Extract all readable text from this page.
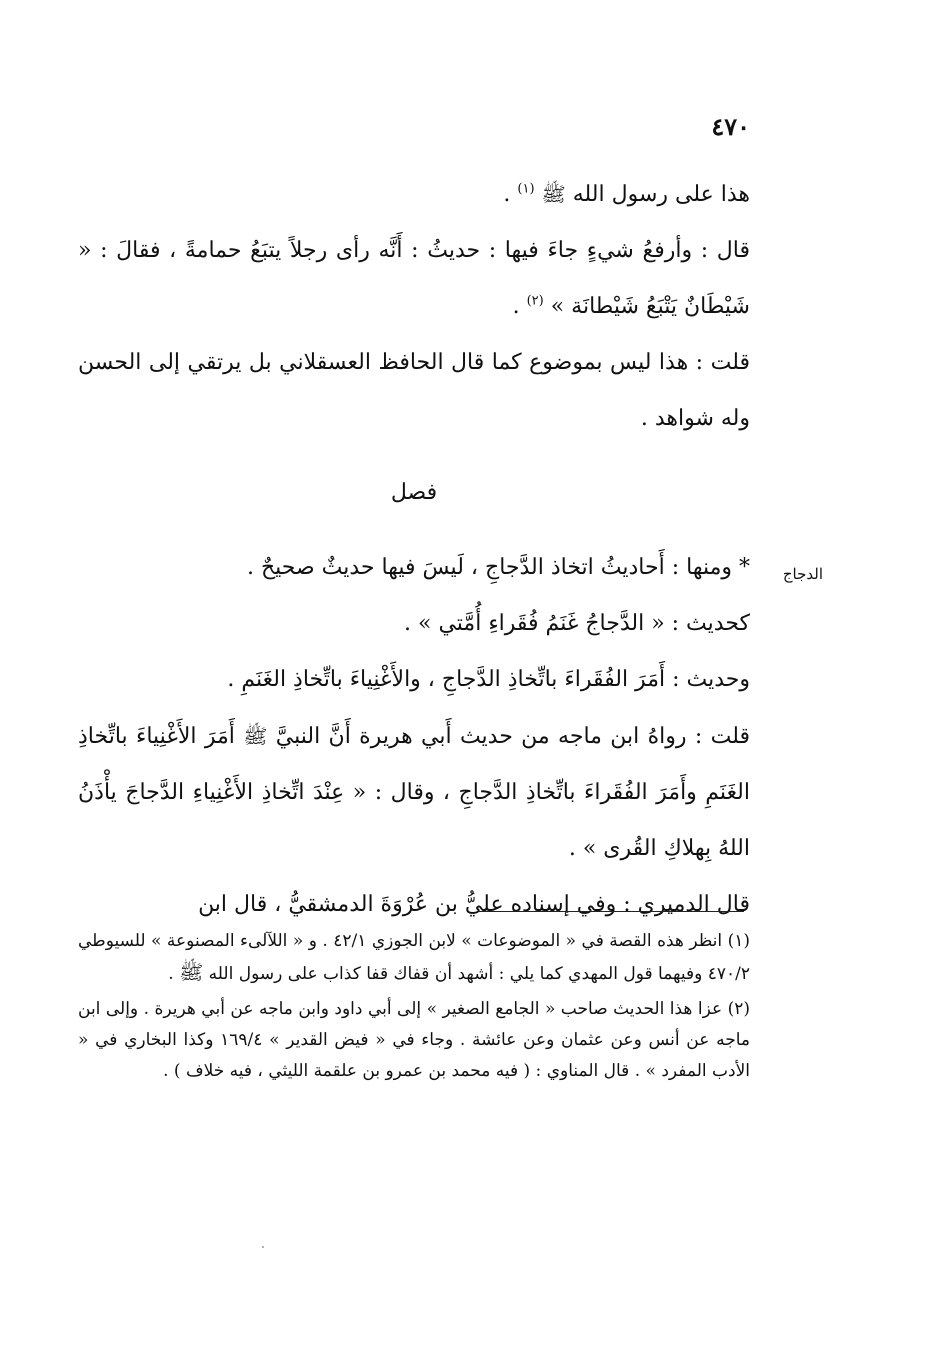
٤٧٠

هذا على رسول الله ﷺ $^{(١)}$ .

قال : وأرفعُ شيءٍ جاءَ فيها : حديثُ : أَنَّه رأى رجلاً يتبَعُ حمامةً ، فقالَ : « شَيْطَانٌ يَتْبَعُ شَيْطانَة » $^{(٢)}$ .

قلت : هذا ليس بموضوع كما قال الحافظ العسقلاني بل يرتقي إلى الحسن وله شواهد .

فصل
الدجاج

* ومنها : أَحاديثُ اتخاذ الدَّجاجِ ، لَيسَ فيها حديثٌ صحيحٌ .

كحديث : « الدَّجاجُ غَنَمُ فُقَراءِ أُمَّتي » .

وحديث : أَمَرَ الفُقَراءَ باتِّخاذِ الدَّجاجِ ، والأَغْنِياءَ باتِّخاذِ الغَنَمِ .

قلت : رواهُ ابن ماجه من حديث أَبي هريرة أَنَّ النبيَّ ﷺ أَمَرَ الأَغْنِياءَ باتِّخاذِ الغَنَمِ وأَمَرَ الفُقَراءَ باتِّخاذِ الدَّجاجِ ، وقال : « عِنْدَ اتِّخاذِ الأَغْنِياءِ الدَّجاجَ يأْذَنُ اللهُ بِهلاكِ القُرى » .

قال الدميري : وفي إسناده عليُّ بن عُرْوَةَ الدمشقيُّ ، قال ابن

(١) انظر هذه القصة في « الموضوعات » لابن الجوزي ٤٢/١ . و « اللآلىء المصنوعة » للسيوطي ٤٧٠/٢ وفيهما قول المهدي كما يلي : أشهد أن قفاك قفا كذاب على رسول الله ﷺ .

(٢) عزا هذا الحديث صاحب « الجامع الصغير » إلى أبي داود وابن ماجه عن أبي هريرة . وإلى ابن ماجه عن أنس وعن عثمان وعن عائشة . وجاء في « فيض القدير » ١٦٩/٤ وكذا البخاري في « الأدب المفرد » . قال المناوي : ( فيه محمد بن عمرو بن علقمة الليثي ، فيه خلاف ) .
